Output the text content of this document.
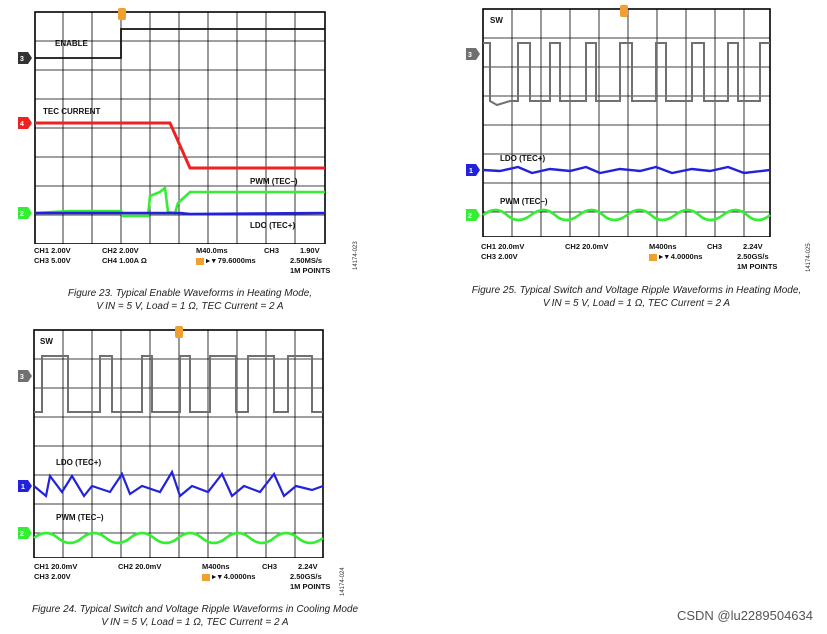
3
4
2
ENABLE
TEC CURRENT
PWM (TEC–)
LDO (TEC+)
CH1 2.00V	CH2 2.00V
CH3 5.00V	CH4 1.00A Ω
M40.0ms	CH3	1.90V
▸ ▾ 79.6000ms	2.50MS/s
1M POINTS
14174-023
Figure 23. Typical Enable Waveforms in Heating Mode,
V IN = 5 V, Load = 1 Ω, TEC Current = 2 A
3
1
2
SW
LDO (TEC+)
PWM (TEC–)
CH1 20.0mV	CH2 20.0mV
CH3 2.00V
M400ns	CH3	2.24V
▸ ▾ 4.0000ns	2.50GS/s
1M POINTS	14174-025
Figure 25. Typical Switch and Voltage Ripple Waveforms in Heating Mode,
V IN = 5 V, Load = 1 Ω, TEC Current = 2 A
3
1
2
SW
LDO (TEC+)
PWM (TEC–)
CH1 20.0mV	CH2 20.0mV
CH3 2.00V
M400ns	CH3	2.24V
▸ ▾ 4.0000ns	2.50GS/s
1M POINTS 14174-024
Figure 24. Typical Switch and Voltage Ripple Waveforms in Cooling Mode
V IN = 5 V, Load = 1 Ω, TEC Current = 2 A	CSDN @lu2289504634
